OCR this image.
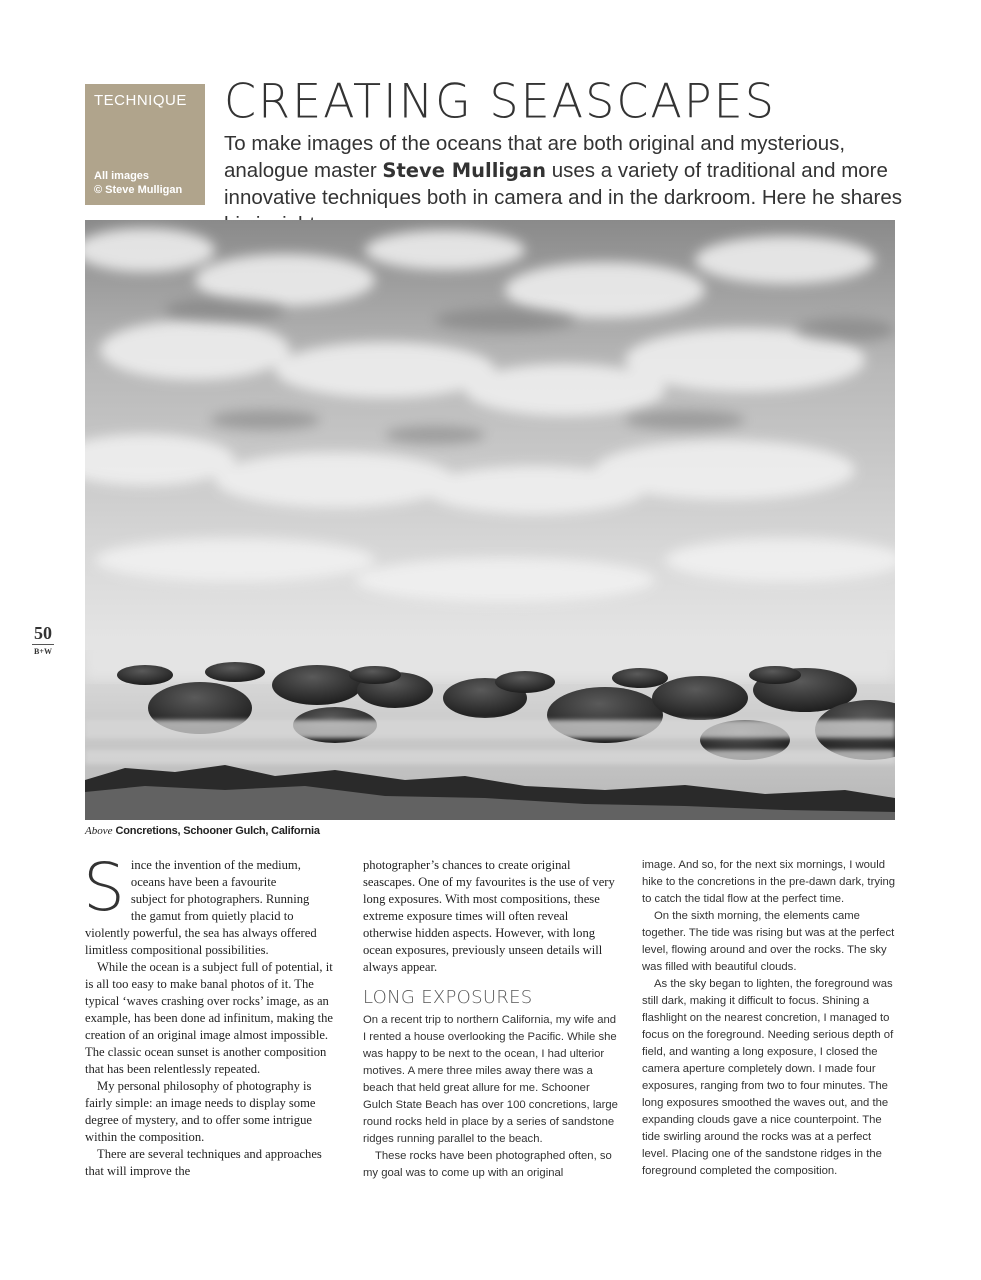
TECHNIQUE
All images
© Steve Mulligan
CREATING SEASCAPES
To make images of the oceans that are both original and mysterious, analogue master Steve Mulligan uses a variety of traditional and more innovative techniques both in camera and in the darkroom. Here he shares
Above Concretions, Schooner Gulch, California
50
B+W

S ince the invention of the medium,
oceans have been a favourite
subject for photographers. Running
the gamut from quietly placid to
violently powerful, the sea has always offered limitless compositional possibilities.

While the ocean is a subject full of potential, it is all too easy to make banal photos of it. The typical ‘waves crashing over rocks’ image, as an example, has been done ad infinitum, making the creation of an original image almost impossible. The classic ocean sunset is another composition that has been relentlessly repeated.

My personal philosophy of photography is fairly simple: an image needs to display some degree of mystery, and to offer some intrigue within the composition.

There are several techniques and approaches that will improve the

photographer’s chances to create original seascapes. One of my favourites is the use of very long exposures. With most compositions, these extreme exposure times will often reveal otherwise hidden aspects. However, with long ocean exposures, previously unseen details will always appear.

LONG EXPOSURES

On a recent trip to northern California, my wife and I rented a house overlooking the Pacific. While she was happy to be next to the ocean, I had ulterior motives. A mere three miles away there was a beach that held great allure for me. Schooner Gulch State Beach has over 100 concretions, large round rocks held in place by a series of sandstone ridges running parallel to the beach.

These rocks have been photographed often, so my goal was to come up with an original

image. And so, for the next six mornings, I would hike to the concretions in the pre-dawn dark, trying to catch the tidal flow at the perfect time.

On the sixth morning, the elements came together. The tide was rising but was at the perfect level, flowing around and over the rocks. The sky was filled with beautiful clouds.

As the sky began to lighten, the foreground was still dark, making it difficult to focus. Shining a flashlight on the nearest concretion, I managed to focus on the foreground. Needing serious depth of field, and wanting a long exposure, I closed the camera aperture completely down. I made four exposures, ranging from two to four minutes. The long exposures smoothed the waves out, and the expanding clouds gave a nice counterpoint. The tide swirling around the rocks was at a perfect level. Placing one of the sandstone ridges in the foreground completed the composition.
